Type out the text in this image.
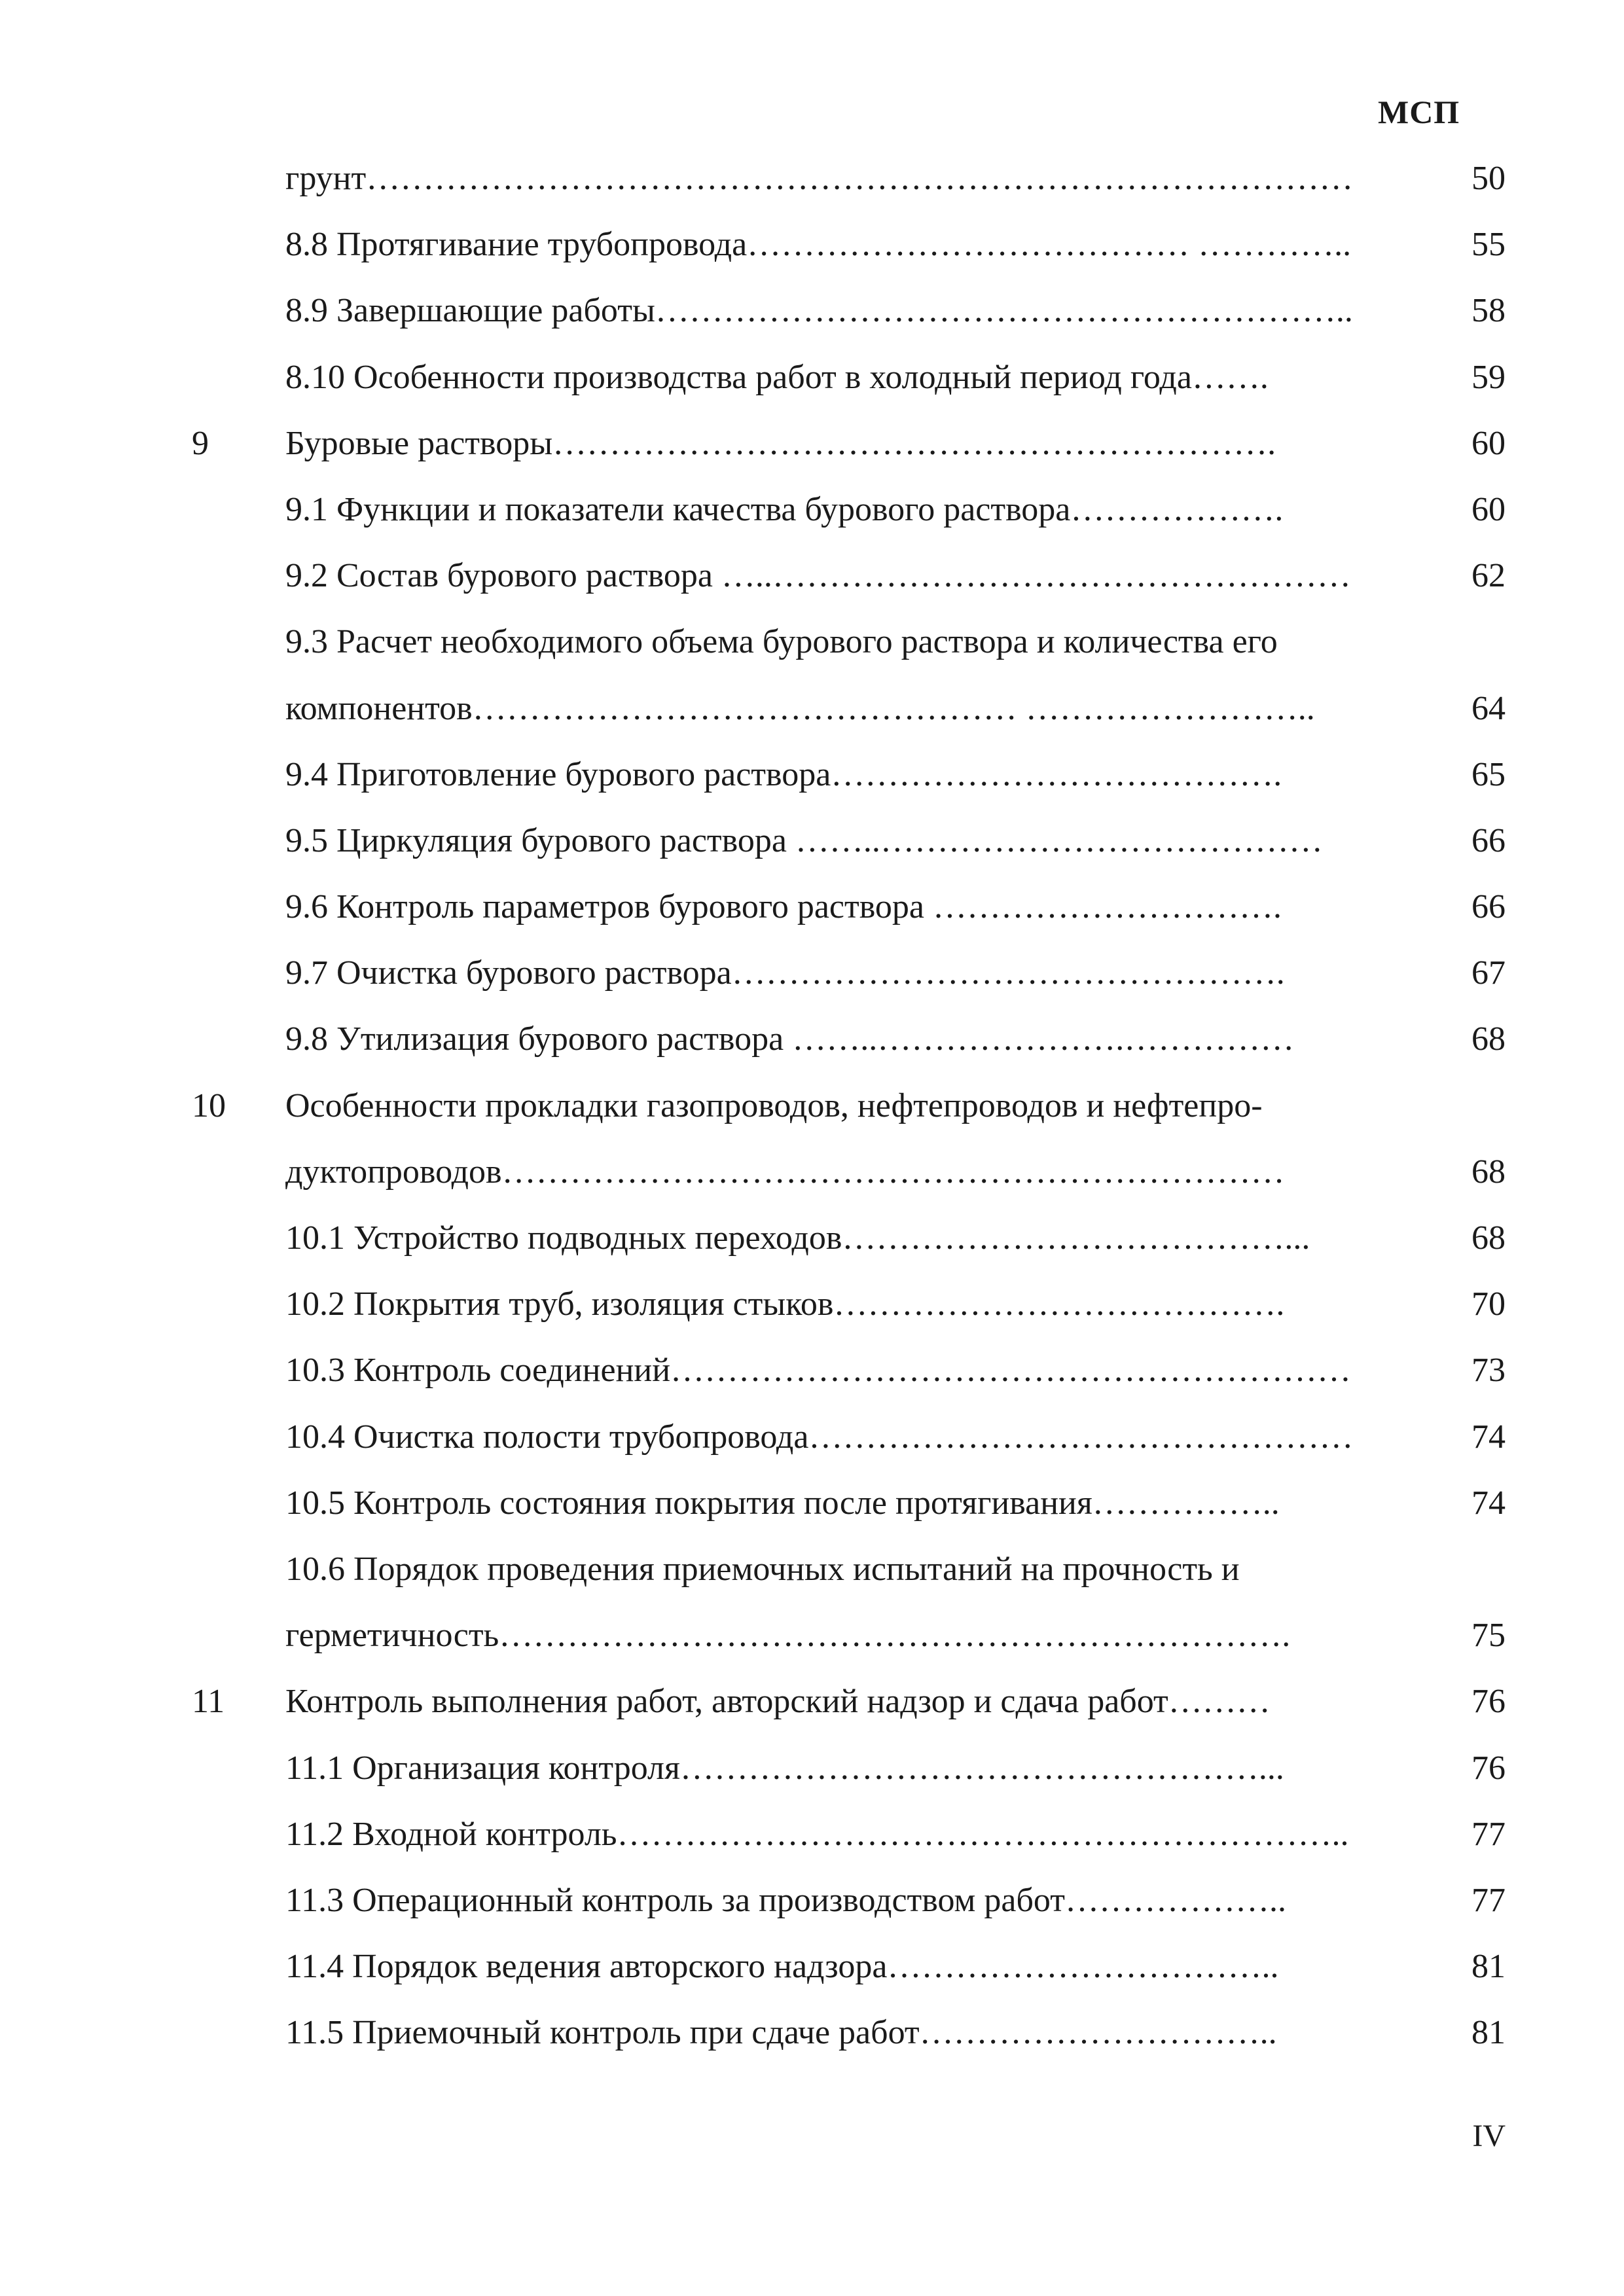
МСП
грунт……………………………………………………………………………	50
8.8 Протягивание трубопровода………………………………… …………..	55
8.9 Завершающие работы……………………………………………………..	58
8.10 Особенности производства работ в холодный период года…….	59
9 Буровые растворы……………………………………………………….	60
9.1 Функции и показатели качества бурового раствора……………….	60
9.2 Состав бурового раствора …..……………………………………………	62
9.3 Расчет необходимого объема бурового раствора и количества его
компонентов………………………………………… ……………………..	64
9.4 Приготовление бурового раствора………………………………….	65
9.5 Циркуляция бурового раствора ……..…………………………………	66
9.6 Контроль параметров бурового раствора ………………………….	66
9.7 Очистка бурового раствора………………………………………….	67
9.8 Утилизация бурового раствора ……..………………….……………	68
10 Особенности прокладки газопроводов, нефтепроводов и нефтепро-
дуктопроводов……………………………………………………………	68
10.1 Устройство подводных переходов…………………………………...	68
10.2 Покрытия труб, изоляция стыков………………………………….	70
10.3 Контроль соединений……………………………………………………	73
10.4 Очистка полости трубопровода…………………………………………	74
10.5 Контроль состояния покрытия после протягивания……………..	74
10.6 Порядок проведения приемочных испытаний на прочность и
герметичность…………………………………………………………….	75
11 Контроль выполнения работ, авторский надзор и сдача работ………	76
11.1 Организация контроля……………………………………………...	76
11.2 Входной контроль………………………………………………………..	77
11.3 Операционный контроль за производством работ………………..	77
11.4 Порядок ведения авторского надзора……………………………..	81
11.5 Приемочный контроль при сдаче работ…………………………..	81
IV
